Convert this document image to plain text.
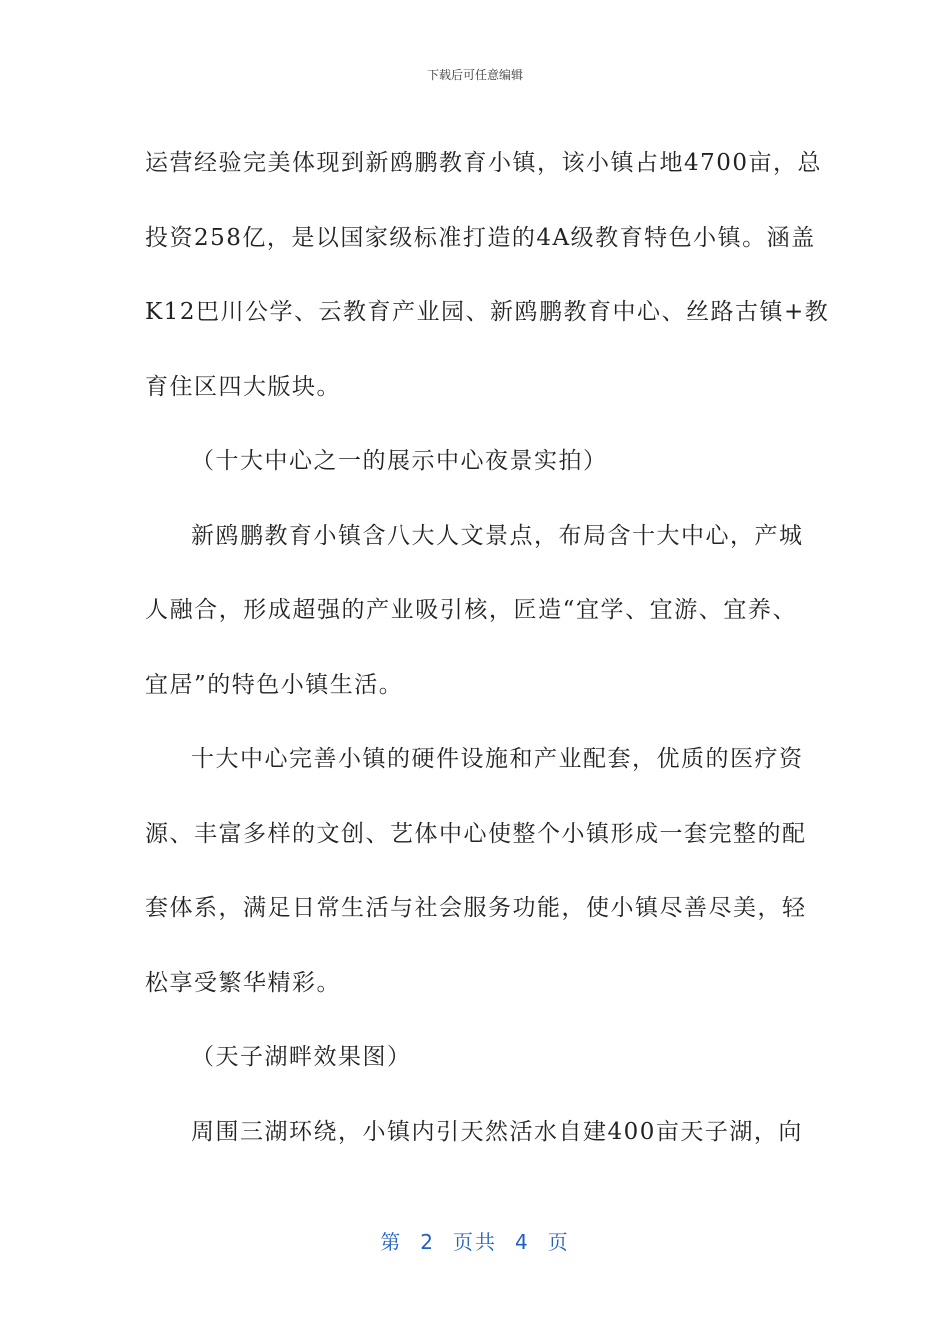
下载后可任意编辑
运营经验完美体现到新鸥鹏教育小镇，该小镇占地4700亩，总
投资258亿，是以国家级标准打造的4A级教育特色小镇。涵盖
K12巴川公学、云教育产业园、新鸥鹏教育中心、丝路古镇+教
育住区四大版块。
（十大中心之一的展示中心夜景实拍）
新鸥鹏教育小镇含八大人文景点，布局含十大中心，产城
人融合，形成超强的产业吸引核，匠造“宜学、宜游、宜养、
宜居”的特色小镇生活。
十大中心完善小镇的硬件设施和产业配套，优质的医疗资
源、丰富多样的文创、艺体中心使整个小镇形成一套完整的配
套体系，满足日常生活与社会服务功能，使小镇尽善尽美，轻
松享受繁华精彩。
（天子湖畔效果图）
周围三湖环绕，小镇内引天然活水自建400亩天子湖，向
第 2 页共 4 页
